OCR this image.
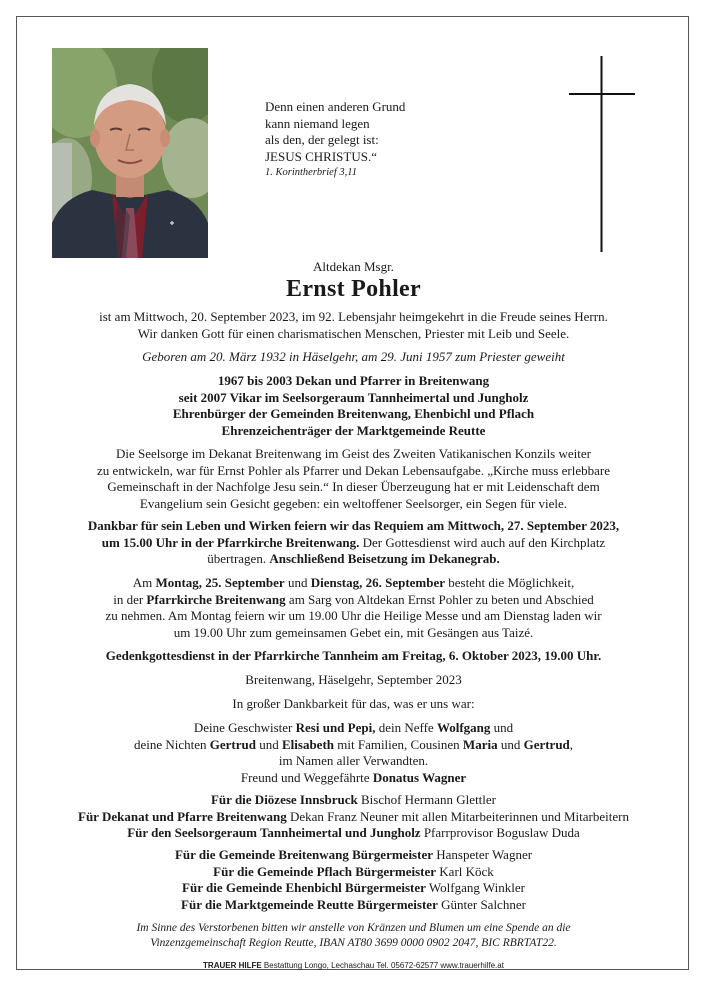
Denn einen anderen Grund
kann niemand legen
als den, der gelegt ist:
JESUS CHRISTUS.“
1. Korintherbrief 3,11
Altdekan Msgr.
Ernst Pohler
ist am Mittwoch, 20. September 2023, im 92. Lebensjahr heimgekehrt in die Freude seines Herrn.
Wir danken Gott für einen charismatischen Menschen, Priester mit Leib und Seele.
Geboren am 20. März 1932 in Häselgehr, am 29. Juni 1957 zum Priester geweiht
1967 bis 2003 Dekan und Pfarrer in Breitenwang
seit 2007 Vikar im Seelsorgeraum Tannheimertal und Jungholz
Ehrenbürger der Gemeinden Breitenwang, Ehenbichl und Pflach
Ehrenzeichenträger der Marktgemeinde Reutte
Die Seelsorge im Dekanat Breitenwang im Geist des Zweiten Vatikanischen Konzils weiter
zu entwickeln, war für Ernst Pohler als Pfarrer und Dekan Lebensaufgabe. „Kirche muss erlebbare
Gemeinschaft in der Nachfolge Jesu sein.“ In dieser Überzeugung hat er mit Leidenschaft dem
Evangelium sein Gesicht gegeben: ein weltoffener Seelsorger, ein Segen für viele.
Dankbar für sein Leben und Wirken feiern wir das Requiem am Mittwoch, 27. September 2023,
um 15.00 Uhr in der Pfarrkirche Breitenwang. Der Gottesdienst wird auch auf den Kirchplatz
übertragen. Anschließend Beisetzung im Dekanegrab.
Am Montag, 25. September und Dienstag, 26. September besteht die Möglichkeit,
in der Pfarrkirche Breitenwang am Sarg von Altdekan Ernst Pohler zu beten und Abschied
zu nehmen. Am Montag feiern wir um 19.00 Uhr die Heilige Messe und am Dienstag laden wir
um 19.00 Uhr zum gemeinsamen Gebet ein, mit Gesängen aus Taizé.
Gedenkgottesdienst in der Pfarrkirche Tannheim am Freitag, 6. Oktober 2023, 19.00 Uhr.
Breitenwang, Häselgehr, September 2023
In großer Dankbarkeit für das, was er uns war:
Deine Geschwister Resi und Pepi, dein Neffe Wolfgang und
deine Nichten Gertrud und Elisabeth mit Familien, Cousinen Maria und Gertrud,
im Namen aller Verwandten.
Freund und Weggefährte Donatus Wagner
Für die Diözese Innsbruck Bischof Hermann Glettler
Für Dekanat und Pfarre Breitenwang Dekan Franz Neuner mit allen Mitarbeiterinnen und Mitarbeitern
Für den Seelsorgeraum Tannheimertal und Jungholz Pfarrprovisor Boguslaw Duda
Für die Gemeinde Breitenwang Bürgermeister Hanspeter Wagner
Für die Gemeinde Pflach Bürgermeister Karl Köck
Für die Gemeinde Ehenbichl Bürgermeister Wolfgang Winkler
Für die Marktgemeinde Reutte Bürgermeister Günter Salchner
Im Sinne des Verstorbenen bitten wir anstelle von Kränzen und Blumen um eine Spende an die
Vinzenzgemeinschaft Region Reutte, IBAN AT80 3699 0000 0902 2047, BIC RBRTAT22.
TRAUER HILFE Bestattung Longo, Lechaschau Tel. 05672-62577 www.trauerhilfe.at
